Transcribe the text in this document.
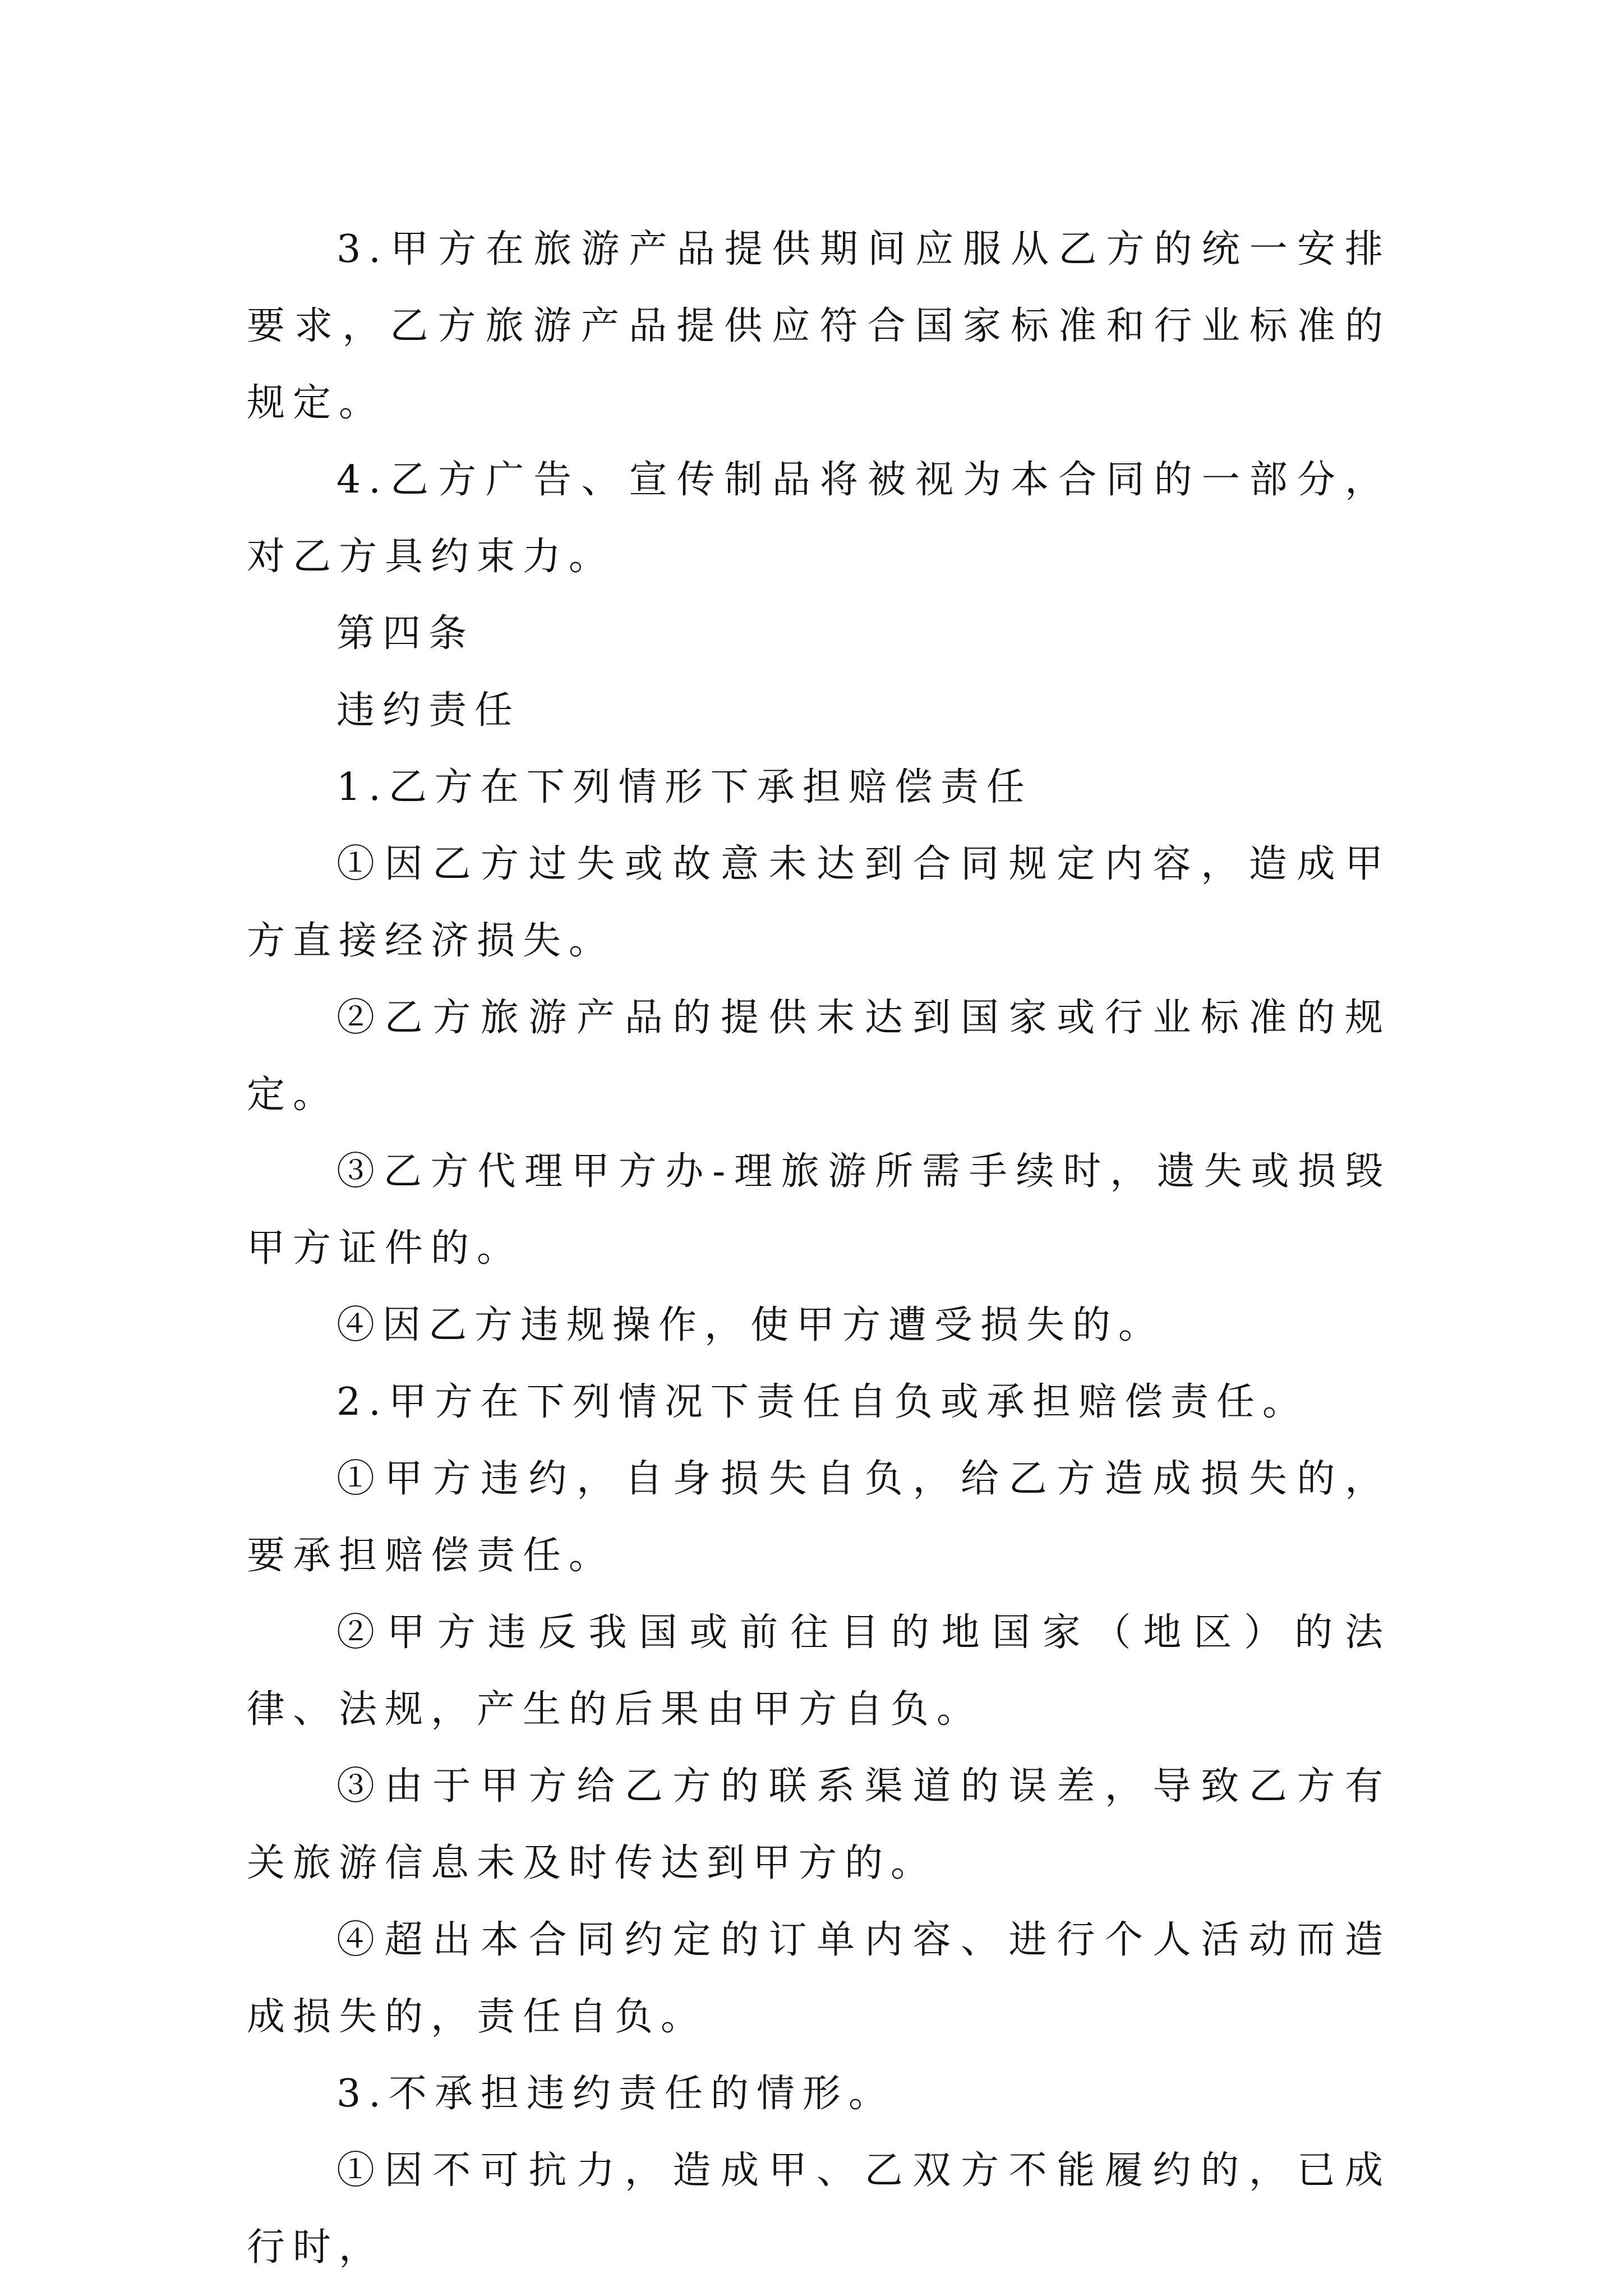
3.甲方在旅游产品提供期间应服从乙方的统一安排要求，乙方旅游产品提供应符合国家标准和行业标准的规定。

4.乙方广告、宣传制品将被视为本合同的一部分，对乙方具约束力。

第四条

违约责任

1.乙方在下列情形下承担赔偿责任

①因乙方过失或故意未达到合同规定内容，造成甲方直接经济损失。

②乙方旅游产品的提供末达到国家或行业标准的规定。

③乙方代理甲方办-理旅游所需手续时，遗失或损毁甲方证件的。

④因乙方违规操作，使甲方遭受损失的。

2.甲方在下列情况下责任自负或承担赔偿责任。

①甲方违约，自身损失自负，给乙方造成损失的，要承担赔偿责任。

②甲方违反我国或前往目的地国家（地区）的法律、法规，产生的后果由甲方自负。

③由于甲方给乙方的联系渠道的误差，导致乙方有关旅游信息未及时传达到甲方的。

④超出本合同约定的订单内容、进行个人活动而造成损失的，责任自负。

3.不承担违约责任的情形。

①因不可抗力，造成甲、乙双方不能履约的，已成行时，
